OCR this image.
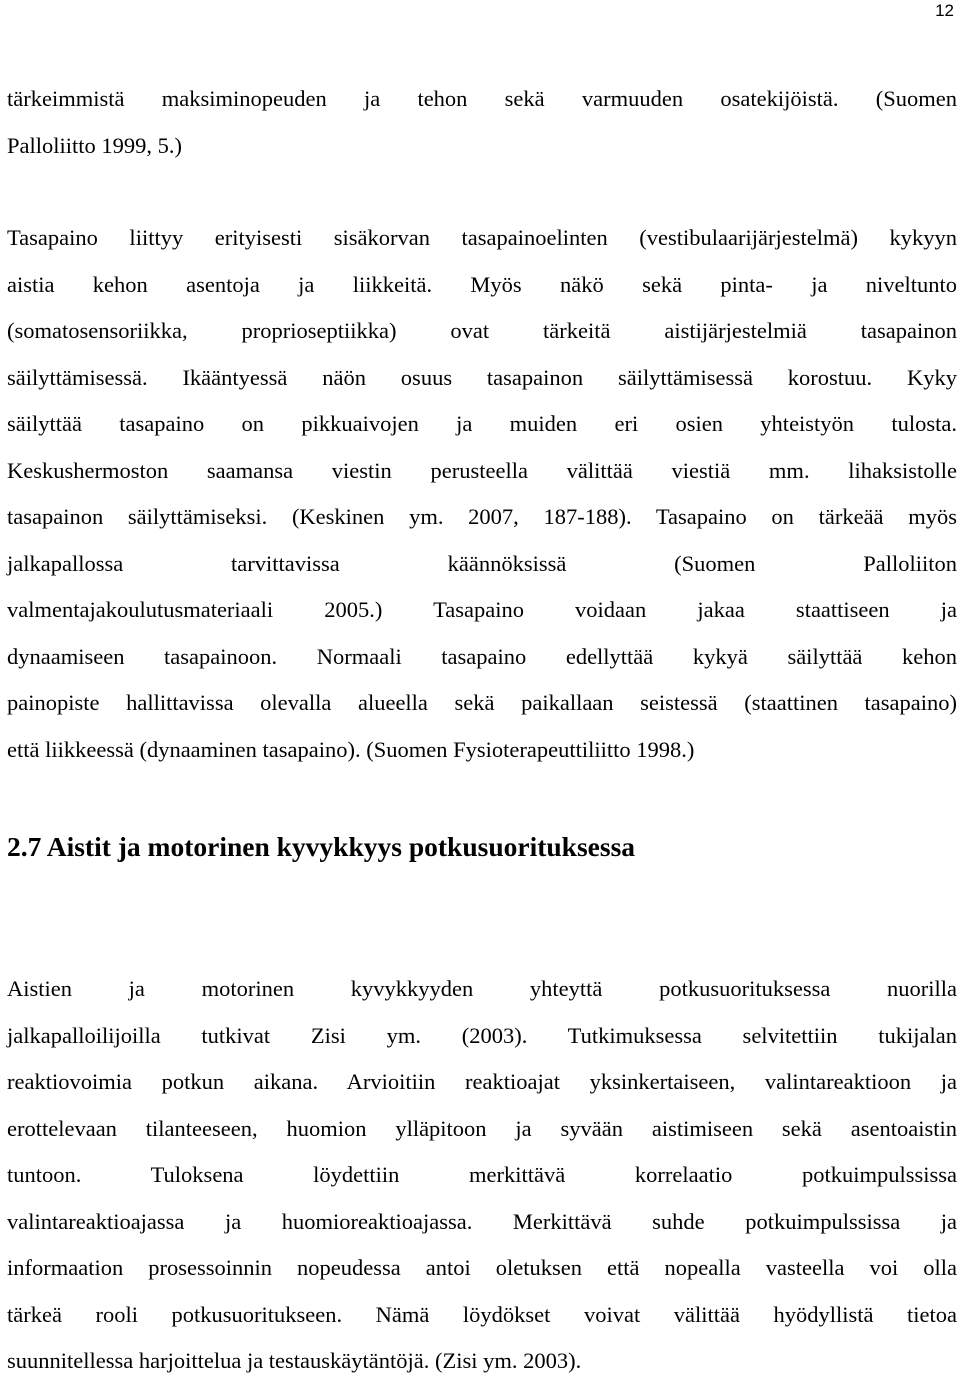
12
tärkeimmistä maksiminopeuden ja tehon sekä varmuuden osatekijöistä. (Suomen
Palloliitto 1999, 5.)
Tasapaino liittyy erityisesti sisäkorvan tasapainoelinten (vestibulaarijärjestelmä) kykyyn
aistia kehon asentoja ja liikkeitä. Myös näkö sekä pinta- ja niveltunto
(somatosensoriikka, proprioseptiikka) ovat tärkeitä aistijärjestelmiä tasapainon
säilyttämisessä. Ikääntyessä näön osuus tasapainon säilyttämisessä korostuu. Kyky
säilyttää tasapaino on pikkuaivojen ja muiden eri osien yhteistyön tulosta.
Keskushermoston saamansa viestin perusteella välittää viestiä mm. lihaksistolle
tasapainon säilyttämiseksi. (Keskinen ym. 2007, 187-188). Tasapaino on tärkeää myös
jalkapallossa tarvittavissa käännöksissä (Suomen Palloliiton
valmentajakoulutusmateriaali 2005.) Tasapaino voidaan jakaa staattiseen ja
dynaamiseen tasapainoon. Normaali tasapaino edellyttää kykyä säilyttää kehon
painopiste hallittavissa olevalla alueella sekä paikallaan seistessä (staattinen tasapaino)
että liikkeessä (dynaaminen tasapaino). (Suomen Fysioterapeuttiliitto 1998.)
2.7 Aistit ja motorinen kyvykkyys potkusuorituksessa
Aistien ja motorinen kyvykkyyden yhteyttä potkusuorituksessa nuorilla
jalkapalloilijoilla tutkivat Zisi ym. (2003). Tutkimuksessa selvitettiin tukijalan
reaktiovoimia potkun aikana. Arvioitiin reaktioajat yksinkertaiseen, valintareaktioon ja
erottelevaan tilanteeseen, huomion ylläpitoon ja syvään aistimiseen sekä asentoaistin
tuntoon. Tuloksena löydettiin merkittävä korrelaatio potkuimpulssissa
valintareaktioajassa ja huomioreaktioajassa. Merkittävä suhde potkuimpulssissa ja
informaation prosessoinnin nopeudessa antoi oletuksen että nopealla vasteella voi olla
tärkeä rooli potkusuoritukseen. Nämä löydökset voivat välittää hyödyllistä tietoa
suunnitellessa harjoittelua ja testauskäytäntöjä. (Zisi ym. 2003).
